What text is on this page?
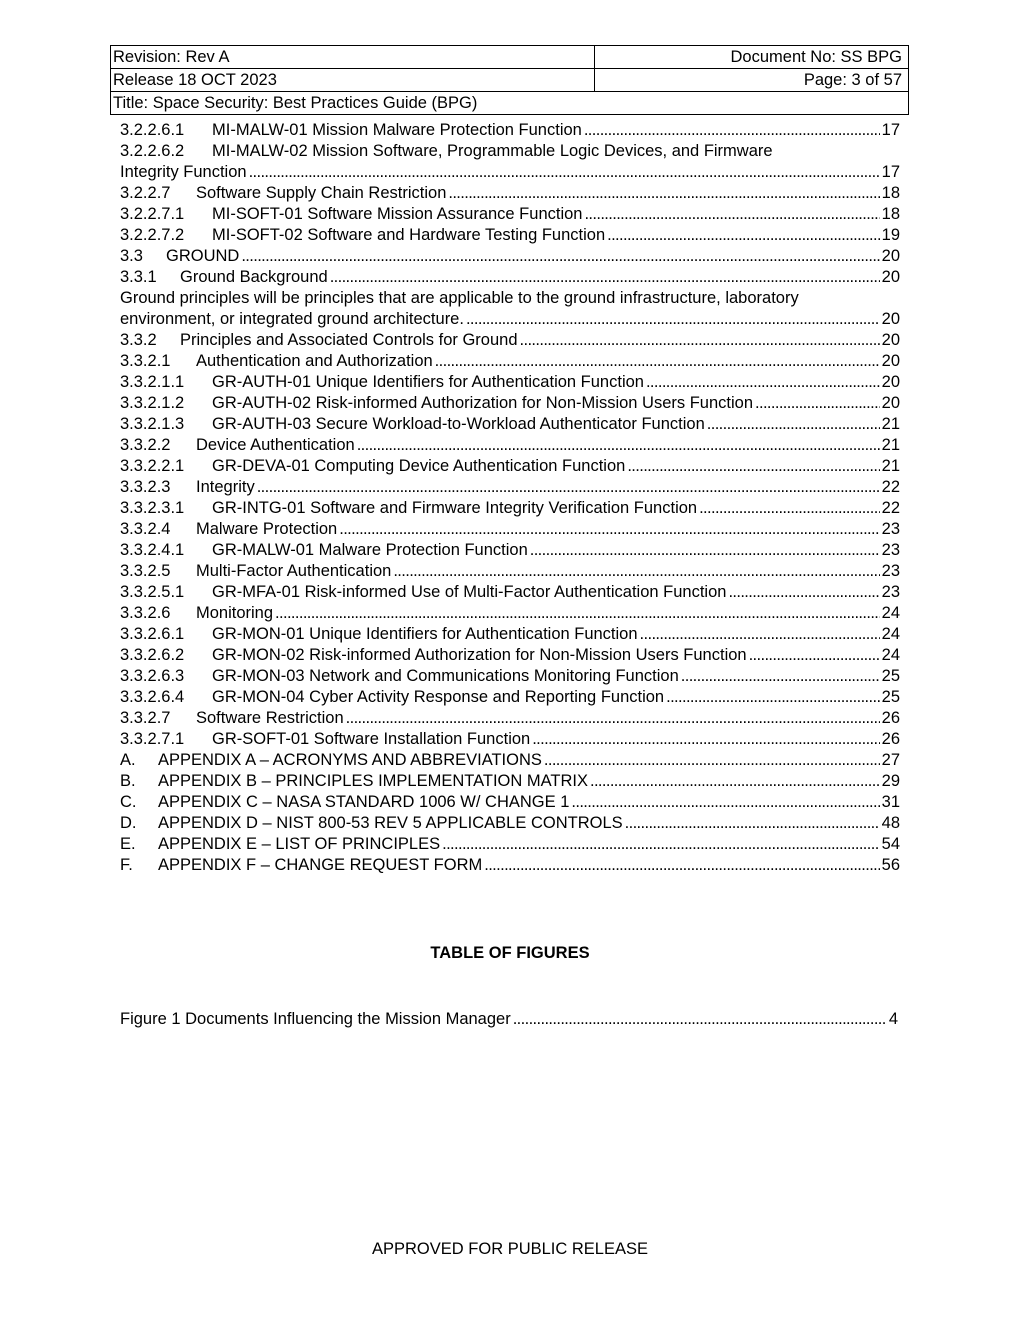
Revision: Rev A	Document No: SS BPG
Release 18 OCT 2023	Page: 3 of 57
Title: Space Security: Best Practices Guide (BPG)	
3.2.2.6.1	MI-MALW-01 Mission Malware Protection Function . . .	17
3.2.2.6.2 MI-MALW-02 Mission Software, Programmable Logic Devices, and Firmware
Integrity Function . . .	17
3.2.2.7	Software Supply Chain Restriction . . .	18
3.2.2.7.1	MI-SOFT-01 Software Mission Assurance Function . . .	18
3.2.2.7.2	MI-SOFT-02 Software and Hardware Testing Function . . .	19
3.3	GROUND . . .	20
3.3.1	Ground Background . . .	20
Ground principles will be principles that are applicable to the ground infrastructure, laboratory
environment, or integrated ground architecture. . . .	20
3.3.2	Principles and Associated Controls for Ground . . .	20
3.3.2.1	Authentication and Authorization . . .	20
3.3.2.1.1	GR-AUTH-01 Unique Identifiers for Authentication Function . . .	20
3.3.2.1.2	GR-AUTH-02 Risk-informed Authorization for Non-Mission Users Function . . .	20
3.3.2.1.3	GR-AUTH-03 Secure Workload-to-Workload Authenticator Function . . .	21
3.3.2.2	Device Authentication . . .	21
3.3.2.2.1	GR-DEVA-01 Computing Device Authentication Function . . .	21
3.3.2.3	Integrity . . .	22
3.3.2.3.1	GR-INTG-01 Software and Firmware Integrity Verification Function . . .	22
3.3.2.4	Malware Protection . . .	23
3.3.2.4.1	GR-MALW-01 Malware Protection Function . . .	23
3.3.2.5	Multi-Factor Authentication . . .	23
3.3.2.5.1	GR-MFA-01 Risk-informed Use of Multi-Factor Authentication Function . . .	23
3.3.2.6	Monitoring . . .	24
3.3.2.6.1	GR-MON-01 Unique Identifiers for Authentication Function . . .	24
3.3.2.6.2	GR-MON-02 Risk-informed Authorization for Non-Mission Users Function . . .	24
3.3.2.6.3	GR-MON-03 Network and Communications Monitoring Function . . .	25
3.3.2.6.4	GR-MON-04 Cyber Activity Response and Reporting Function . . .	25
3.3.2.7	Software Restriction . . .	26
3.3.2.7.1	GR-SOFT-01 Software Installation Function . . .	26
A.	APPENDIX A – ACRONYMS AND ABBREVIATIONS . . .	27
B.	APPENDIX B – PRINCIPLES IMPLEMENTATION MATRIX . . .	29
C.	APPENDIX C – NASA STANDARD 1006 W/ CHANGE 1 . . .	31
D.	APPENDIX D – NIST 800-53 REV 5 APPLICABLE CONTROLS . . .	48
E.	APPENDIX E – LIST OF PRINCIPLES . . .	54
F.	APPENDIX F – CHANGE REQUEST FORM . . .	56
TABLE OF FIGURES
Figure 1 Documents Influencing the Mission Manager . . .	4
APPROVED FOR PUBLIC RELEASE
